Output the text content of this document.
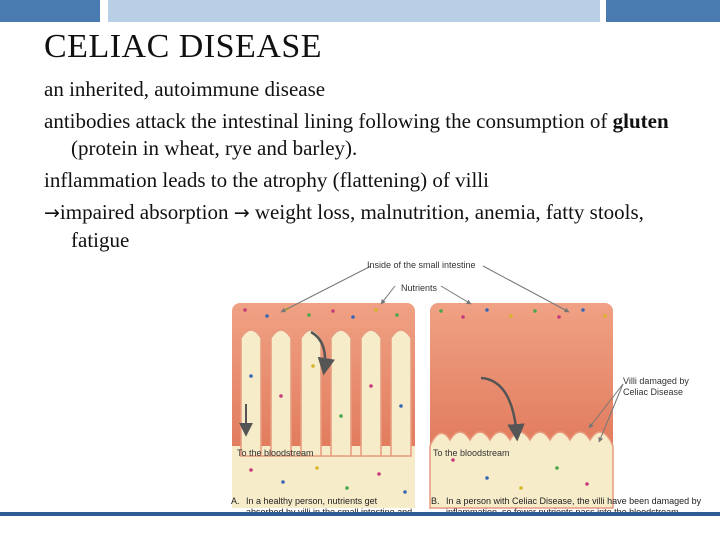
CELIAC DISEASE

an inherited, autoimmune disease

antibodies attack the intestinal lining following the consumption of gluten (protein in wheat, rye and barley).

inflammation leads to the atrophy (flattening) of villi

→impaired absorption → weight loss, malnutrition, anemia, fatty stools, fatigue

Inside of the small intestine
Nutrients
Villi damaged by Celiac Disease
To the bloodstream	To the bloodstream
A. In a healthy person, nutrients get	B. In a person with Celiac Disease, the villi have been damaged by
